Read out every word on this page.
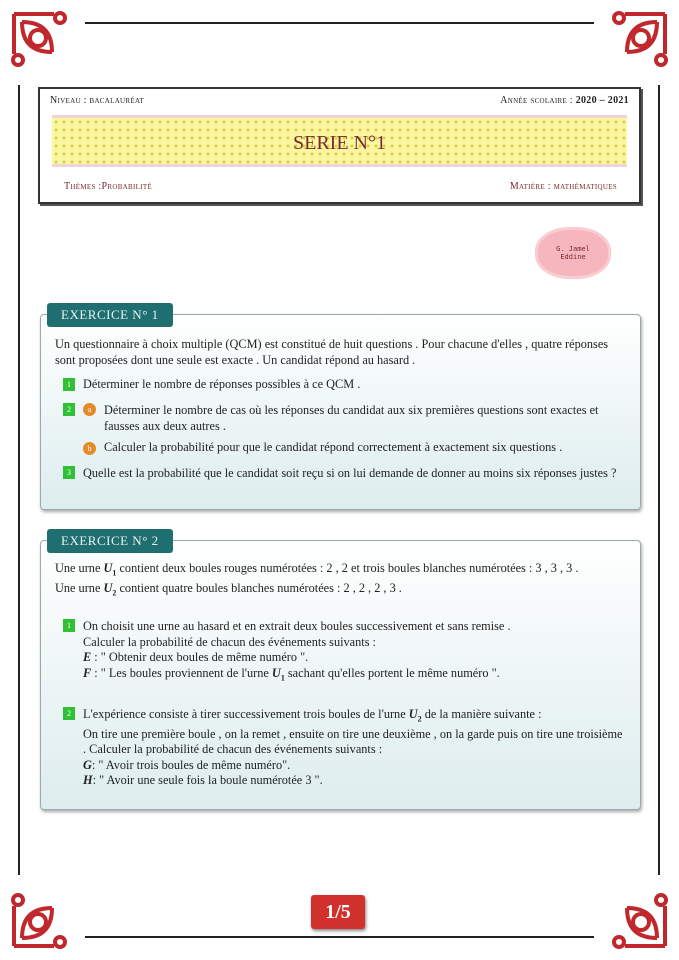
Niveau : bacalauréat	Année scolaire : 2020 – 2021
SERIE N°1
Thèmes :Probabilité	Matière : mathématiques
G. Jamel
Eddine
EXERCICE N° 1
Un questionnaire à choix multiple (QCM) est constitué de huit questions . Pour chacune d'elles , quatre réponses sont proposées dont une seule est exacte . Un candidat répond au hasard .
1 Déterminer le nombre de réponses possibles à ce QCM .
2	a	Déterminer le nombre de cas où les réponses du candidat aux six premières questions sont exactes et fausses aux deux autres .
b Calculer la probabilité pour que le candidat répond correctement à exactement six questions .
3 Quelle est la probabilité que le candidat soit reçu si on lui demande de donner au moins six réponses justes ?
EXERCICE N° 2
Une urne $U_1$ contient deux boules rouges numérotées : 2 , 2 et trois boules blanches numérotées : 3 , 3 , 3 .
Une urne $U_2$ contient quatre boules blanches numérotées : 2 , 2 , 2 , 3 .
1 On choisit une urne au hasard et en extrait deux boules successivement et sans remise .
Calculer la probabilité de chacun des événements suivants :
E : " Obtenir deux boules de même numéro ".
F : " Les boules proviennent de l'urne $U_1$ sachant qu'elles portent le même numéro ".
2 L'expérience consiste à tirer successivement trois boules de l'urne $U_2$ de la manière suivante :
On tire une première boule , on la remet , ensuite on tire une deuxième , on la garde puis on tire une troisième . Calculer la probabilité de chacun des événements suivants :
G: " Avoir trois boules de même numéro".
H: " Avoir une seule fois la boule numérotée 3 ".
1/5
